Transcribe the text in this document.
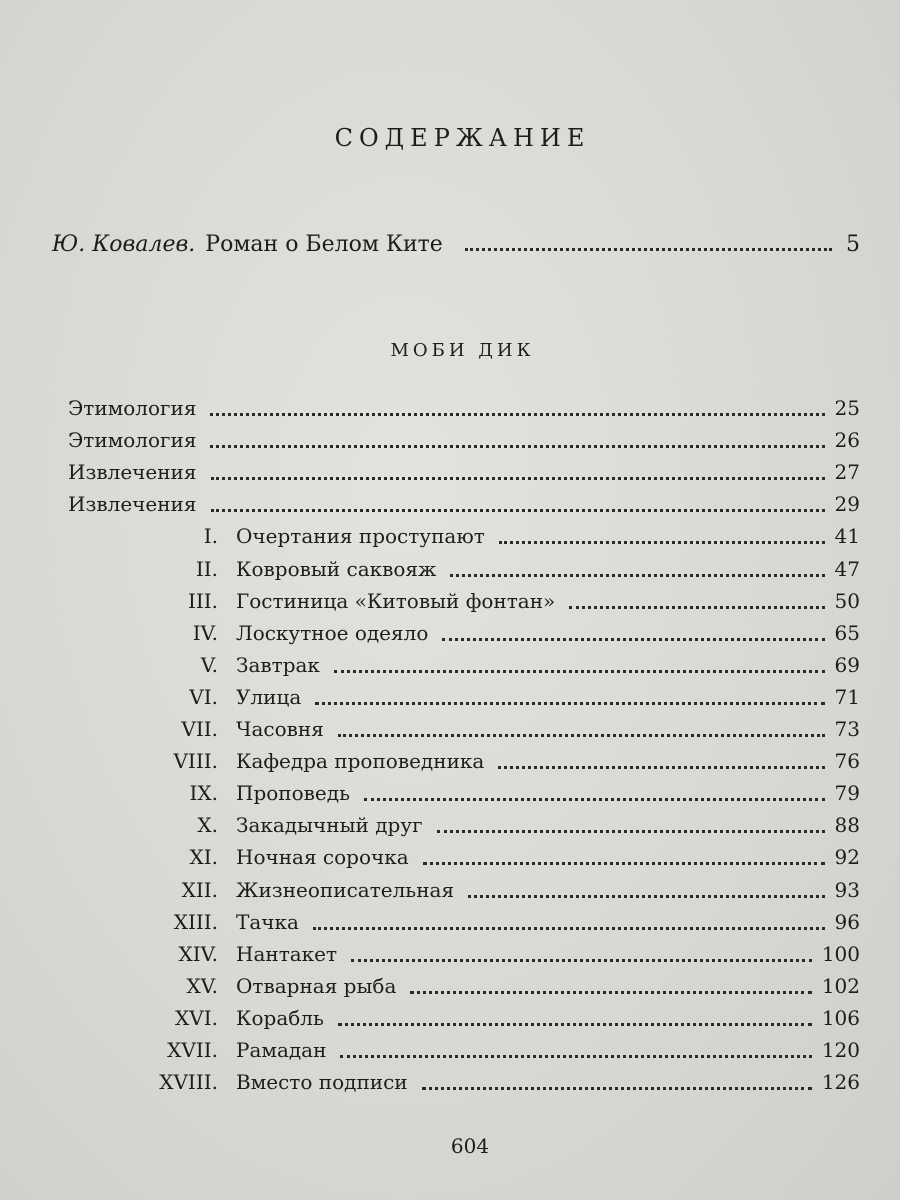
СОДЕРЖАНИЕ
Ю. Ковалев. Роман о Белом Ките	5
МОБИ ДИК
Этимология	25
Этимология	26
Извлечения	27
Извлечения	29
I. Очертания проступают	41
II. Ковровый саквояж	47
III. Гостиница «Китовый фонтан»	50
IV. Лоскутное одеяло	65
V. Завтрак	69
VI. Улица	71
VII. Часовня	73
VIII. Кафедра проповедника	76
IX. Проповедь	79
X. Закадычный друг	88
XI. Ночная сорочка	92
XII. Жизнеописательная	93
XIII. Тачка	96
XIV. Нантакет	100
XV. Отварная рыба	102
XVI. Корабль	106
XVII. Рамадан	120
XVIII. Вместо подписи	126
604
